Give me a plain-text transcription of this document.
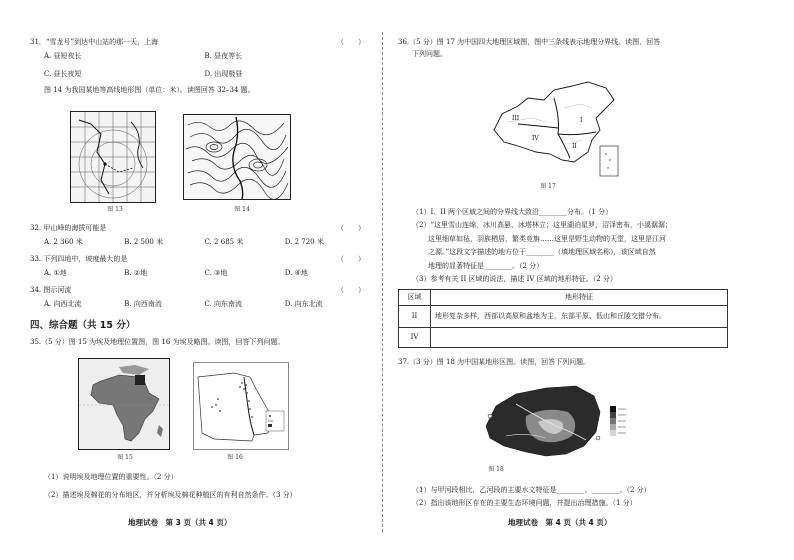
31．“雪龙号”到达中山站的那一天，上海	（　　）
A. 昼短夜长	B. 昼夜等长
C. 昼长夜短	D. 出现极昼
图 14 为我国某地等高线地形图（单位：米）。读图回答 32–34 题。
图 13	图 14
32. 甲山峰的海拔可能是	（　　）
A. 2 360 米	B. 2 500 米	C. 2 685 米	D. 2 720 米
33. 下列四地中，坡度最大的是	（　　）
A. ①地	B. ②地	C. ③地	D. ④地
34. 图示河流	（　　）
A. 向西北流	B. 向西南流	C. 向东南流	D. 向东北流
四、综合题（共 15 分）
35.（5 分）图 15 为埃及地理位置图，图 16 为埃及略图。读图，回答下列问题。
图 15	图 16
（1）说明埃及地理位置的重要性。（2 分）
（2）描述埃及棉花的分布地区，并分析埃及棉花种植区的有利自然条件。（3 分）
地理试卷　第 3 页（共 4 页）
36.（5 分）图 17 为中国四大地理区域图，图中三条线表示地理分界线。读图，回答
下列问题。
III	I
IV
II
图 17
（1）I、II 两个区域之间的分界线大致沿________分布。（1 分）
（2）“这里雪山连绵，冰川高悬，冰塔林立；这里湖泊星罗，沼泽密布，小溪潺潺；
这里细草如毡，羽族栖居，繁类竞旃……这里是野生动物的天堂，这里是江河
之源。”这段文字描述的地方位于________（填地理区域名称），该区域自然
地理的显著特征是________。（2 分）
（3）参考有关 II 区域的说法，描述 IV 区域的地形特征。（2 分）
区域	地形特征
II	地形复杂多样，西部以高原和盆地为主，东部平原、低山和丘陵交错分布。
IV	
37.（3 分）图 18 为中国某地形区图。读图，回答下列问题。
图 18
（1）与甲河段相比，乙河段的主要水文特征是________、________。（2 分）
（2）指出该地形区存在的主要生态环境问题，并提出治理措施。（1 分）
地理试卷　第 4 页（共 4 页）
